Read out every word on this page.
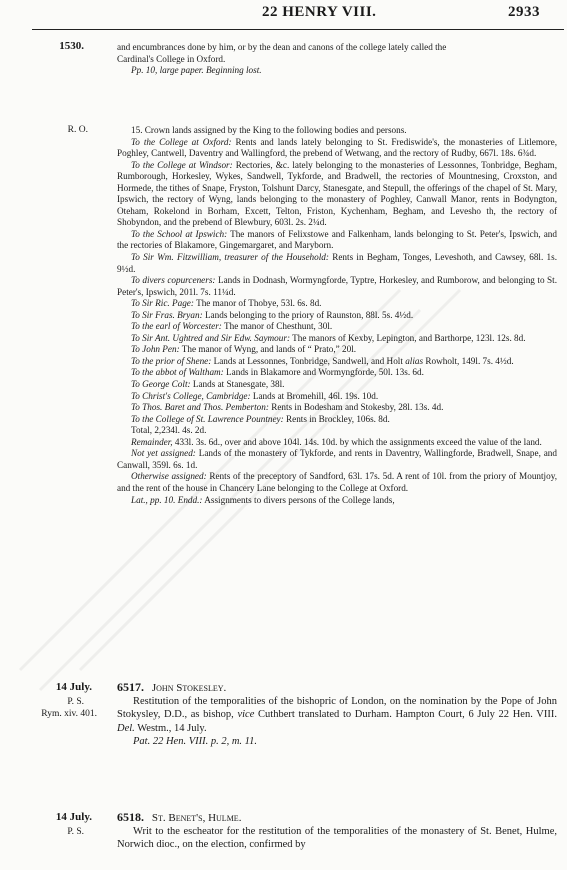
22 HENRY VIII.	2933
1530.	and encumbrances done by him, or by the dean and canons of the college lately called the

Cardinal's College in Oxford.

Pp. 10, large paper. Beginning lost.

R. O.	15. Crown lands assigned by the King to the following bodies and persons.

To the College at Oxford: Rents and lands lately belonging to St. Frediswide's, the monasteries of Litlemore, Poghley, Cantwell, Daventry and Wallingford, the prebend of Wetwang, and the rectory of Rudby, 667l. 18s. 6¾d.

To the College at Windsor: Rectories, &c. lately belonging to the monasteries of Lessonnes, Tonbridge, Begham, Rumborough, Horkesley, Wykes, Sandwell, Tykforde, and Bradwell, the rectories of Mountnesing, Croxston, and Hormede, the tithes of Snape, Fryston, Tolshunt Darcy, Stanesgate, and Stepull, the offerings of the chapel of St. Mary, Ipswich, the rectory of Wyng, lands belonging to the monastery of Poghley, Canwall Manor, rents in Bodyngton, Oteham, Rokelond in Borham, Excett, Telton, Friston, Kychenham, Begham, and Levesho th, the rectory of Shobyndon, and the prebend of Blewbury, 603l. 2s. 2¼d.

To the School at Ipswich: The manors of Felixstowe and Falkenham, lands belonging to St. Peter's, Ipswich, and the rectories of Blakamore, Gingemargaret, and Maryborn.

To Sir Wm. Fitzwilliam, treasurer of the Household: Rents in Begham, Tonges, Leveshoth, and Cawsey, 68l. 1s. 9½d.

To divers copurceners: Lands in Dodnash, Wormyngforde, Typtre, Horkesley, and Rumborow, and belonging to St. Peter's, Ipswich, 201l. 7s. 11¼d.

To Sir Ric. Page: The manor of Thobye, 53l. 6s. 8d.

To Sir Fras. Bryan: Lands belonging to the priory of Raunston, 88l. 5s. 4½d.

To the earl of Worcester: The manor of Chesthunt, 30l.

To Sir Ant. Ughtred and Sir Edw. Saymour: The manors of Kexby, Lepington, and Barthorpe, 123l. 12s. 8d.

To John Pen: The manor of Wyng, and lands of “ Prato,” 20l.

To the prior of Shene: Lands at Lessonnes, Tonbridge, Sandwell, and Holt alias Rowholt, 149l. 7s. 4½d.

To the abbot of Waltham: Lands in Blakamore and Wormyngforde, 50l. 13s. 6d.

To George Colt: Lands at Stanesgate, 38l.

To Christ's College, Cambridge: Lands at Bromehill, 46l. 19s. 10d.

To Thos. Baret and Thos. Pemberton: Rents in Bodesham and Stokesby, 28l. 13s. 4d.

To the College of St. Lawrence Pountney: Rents in Brockley, 106s. 8d.

Total, 2,234l. 4s. 2d.

Remainder, 433l. 3s. 6d., over and above 104l. 14s. 10d. by which the assignments exceed the value of the land.

Not yet assigned: Lands of the monastery of Tykforde, and rents in Daventry, Wallingforde, Bradwell, Snape, and Canwall, 359l. 6s. 1d.

Otherwise assigned: Rents of the preceptory of Sandford, 63l. 17s. 5d. A rent of 10l. from the priory of Mountjoy, and the rent of the house in Chancery Lane belonging to the College at Oxford.

Lat., pp. 10. Endd.: Assignments to divers persons of the College lands,

14 July.
P. S.
Rym. xiv. 401.

6517. John Stokesley.

Restitution of the temporalities of the bishopric of London, on the nomination by the Pope of John Stokysley, D.D., as bishop, vice Cuthbert translated to Durham. Hampton Court, 6 July 22 Hen. VIII. Del. Westm., 14 July.

Pat. 22 Hen. VIII. p. 2, m. 11.

14 July.
P. S.

6518. St. Benet's, Hulme.

Writ to the escheator for the restitution of the temporalities of the monastery of St. Benet, Hulme, Norwich dioc., on the election, confirmed by
